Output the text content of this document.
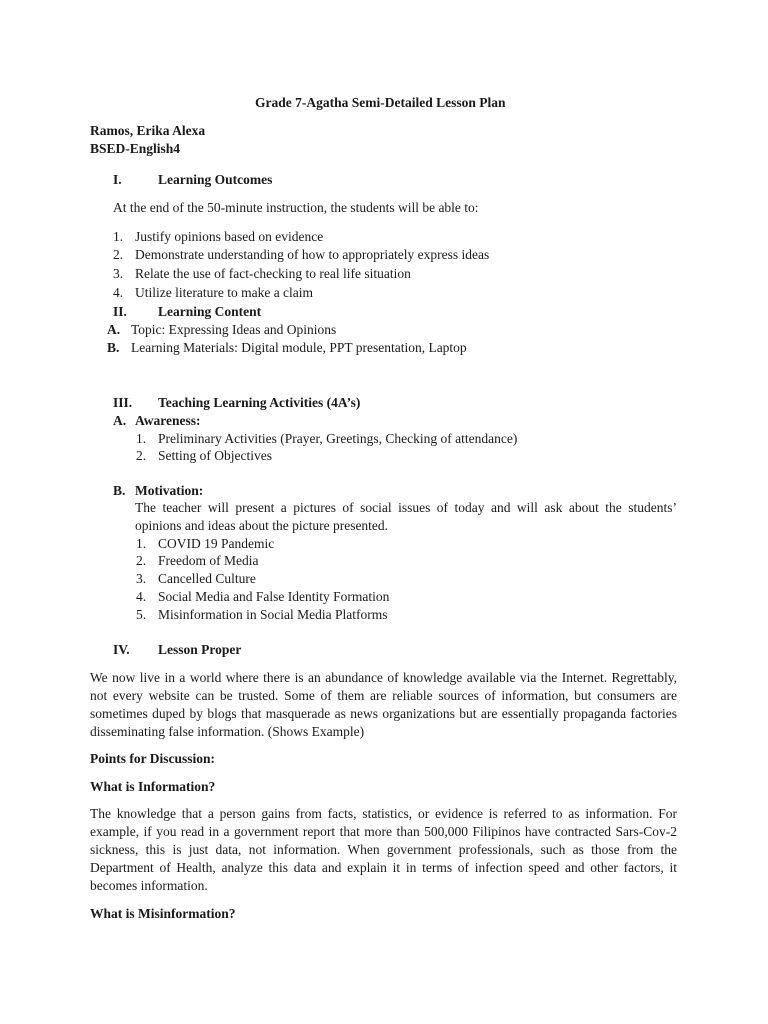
Grade 7-Agatha Semi-Detailed Lesson Plan
Ramos, Erika Alexa
BSED-English4
I.	Learning Outcomes
At the end of the 50-minute instruction, the students will be able to:
1. Justify opinions based on evidence
2. Demonstrate understanding of how to appropriately express ideas
3. Relate the use of fact-checking to real life situation
4. Utilize literature to make a claim
II. Learning Content
A. Topic: Expressing Ideas and Opinions
B. Learning Materials: Digital module, PPT presentation, Laptop
III. Teaching Learning Activities (4A’s)
A. Awareness:
1. Preliminary Activities (Prayer, Greetings, Checking of attendance)
2. Setting of Objectives
B. Motivation:
The teacher will present a pictures of social issues of today and will ask about the students’
opinions and ideas about the picture presented.
1. COVID 19 Pandemic
2. Freedom of Media
3. Cancelled Culture
4. Social Media and False Identity Formation
5. Misinformation in Social Media Platforms
IV. Lesson Proper
We now live in a world where there is an abundance of knowledge available via the Internet. Regrettably,
not every website can be trusted. Some of them are reliable sources of information, but consumers are
sometimes duped by blogs that masquerade as news organizations but are essentially propaganda factories
disseminating false information. (Shows Example)
Points for Discussion:
What is Information?
The knowledge that a person gains from facts, statistics, or evidence is referred to as information. For
example, if you read in a government report that more than 500,000 Filipinos have contracted Sars-Cov-2
sickness, this is just data, not information. When government professionals, such as those from the
Department of Health, analyze this data and explain it in terms of infection speed and other factors, it
becomes information.
What is Misinformation?
